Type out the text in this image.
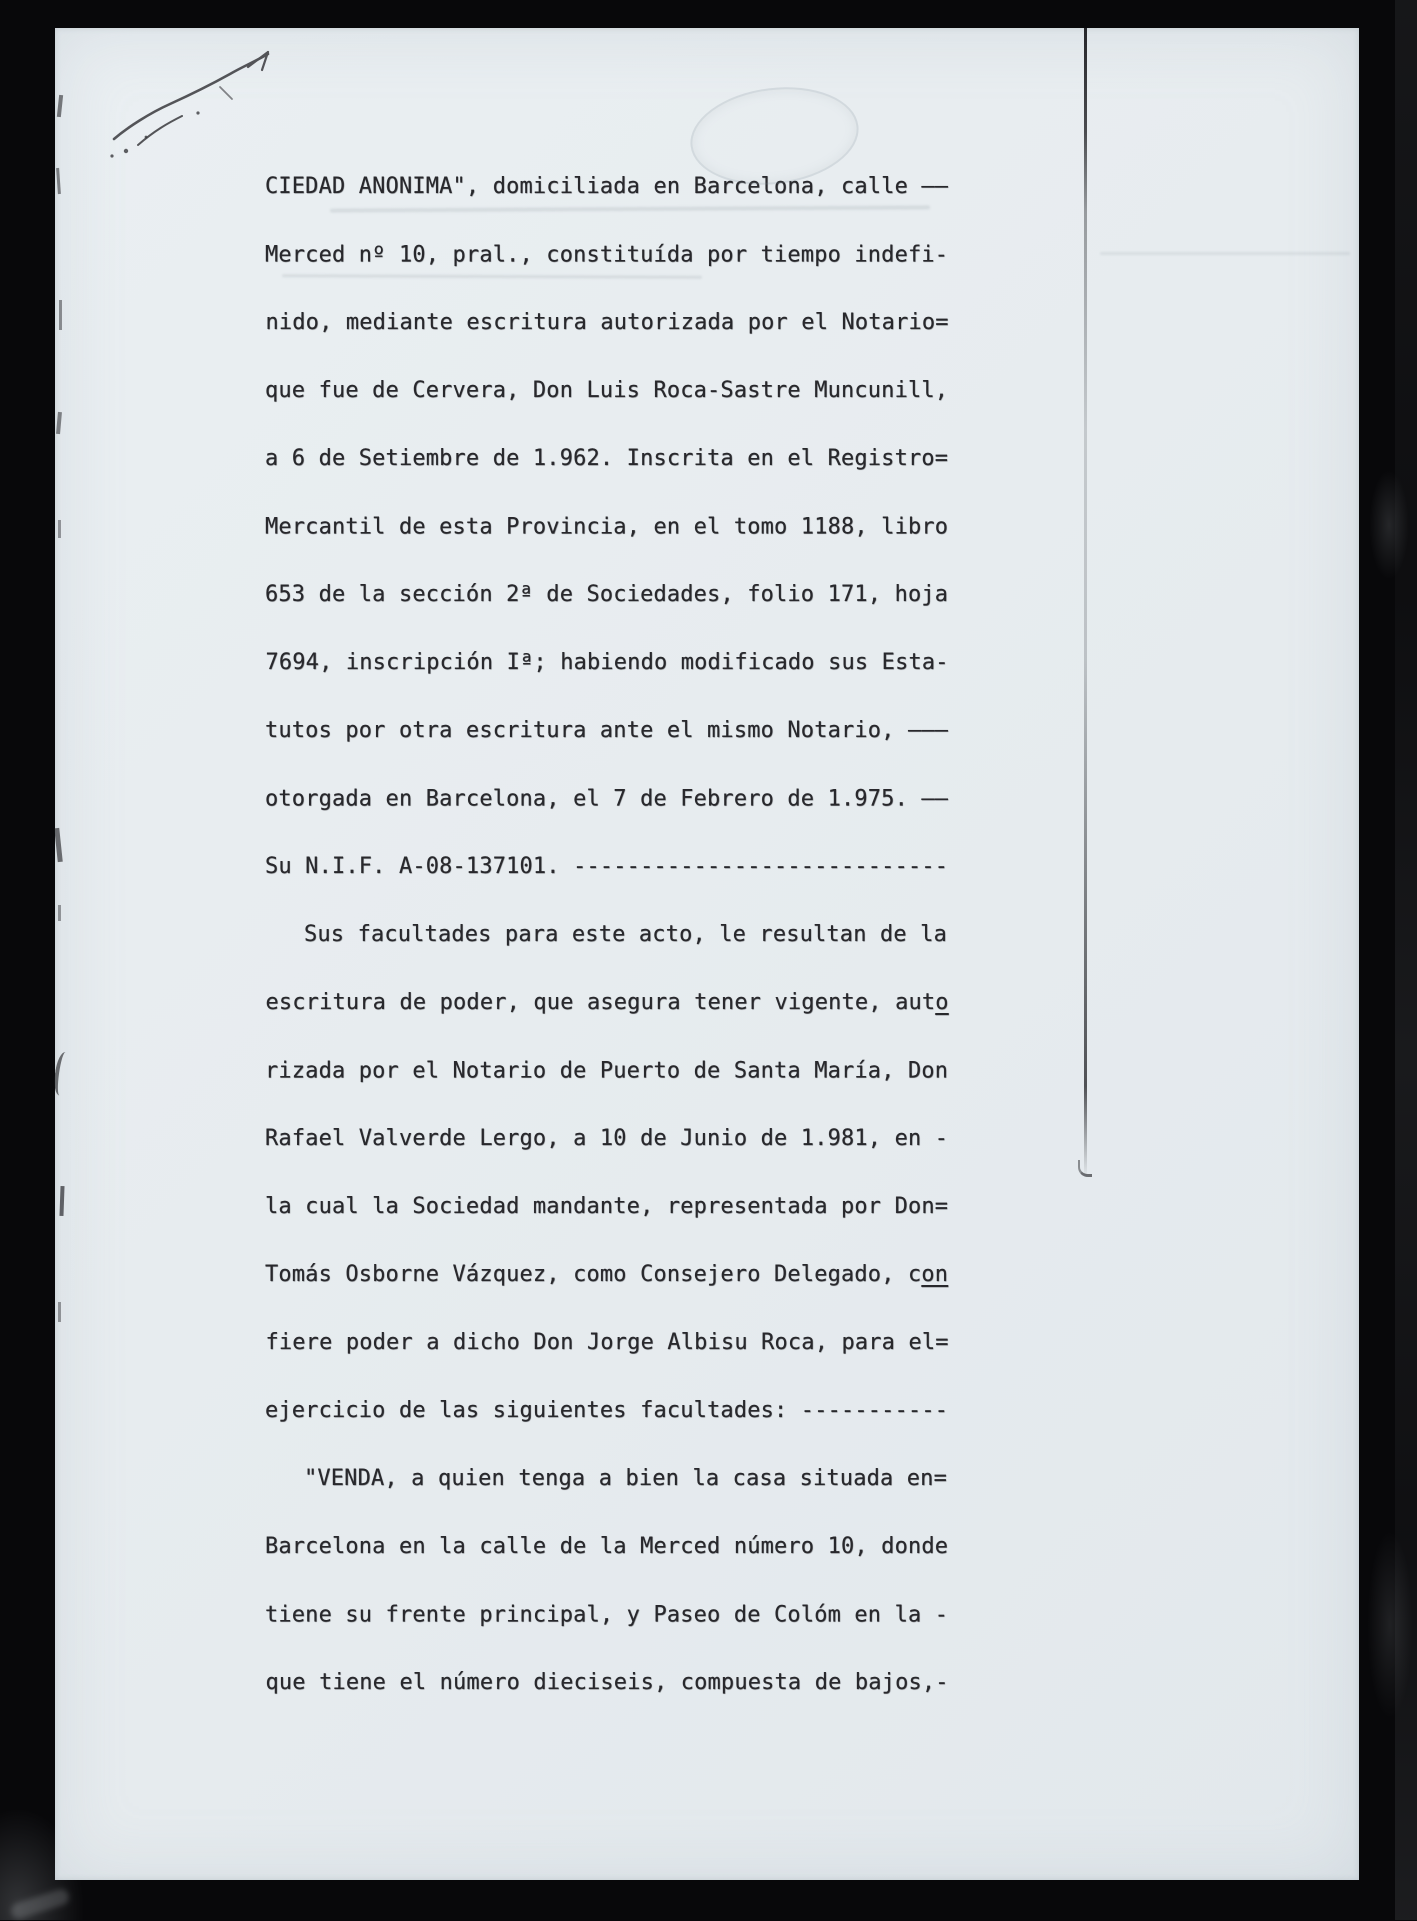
CIEDAD ANONIMA", domiciliada en Barcelona, calle ——
Merced nº 10, pral., constituída por tiempo indefi-
nido, mediante escritura autorizada por el Notario=
que fue de Cervera, Don Luis Roca-Sastre Muncunill,
a 6 de Setiembre de 1.962. Inscrita en el Registro=
Mercantil de esta Provincia, en el tomo 1188, libro
653 de la sección 2ª de Sociedades, folio 171, hoja
7694, inscripción Iª; habiendo modificado sus Esta-
tutos por otra escritura ante el mismo Notario, ———
otorgada en Barcelona, el 7 de Febrero de 1.975. ——
Su N.I.F. A-08-137101. ----------------------------
Sus facultades para este acto, le resultan de la
escritura de poder, que asegura tener vigente, auto
rizada por el Notario de Puerto de Santa María, Don
Rafael Valverde Lergo, a 10 de Junio de 1.981, en -
la cual la Sociedad mandante, representada por Don=
Tomás Osborne Vázquez, como Consejero Delegado, con
fiere poder a dicho Don Jorge Albisu Roca, para el=
ejercicio de las siguientes facultades: -----------
"VENDA, a quien tenga a bien la casa situada en=
Barcelona en la calle de la Merced número 10, donde
tiene su frente principal, y Paseo de Colóm en la -
que tiene el número dieciseis, compuesta de bajos,-
